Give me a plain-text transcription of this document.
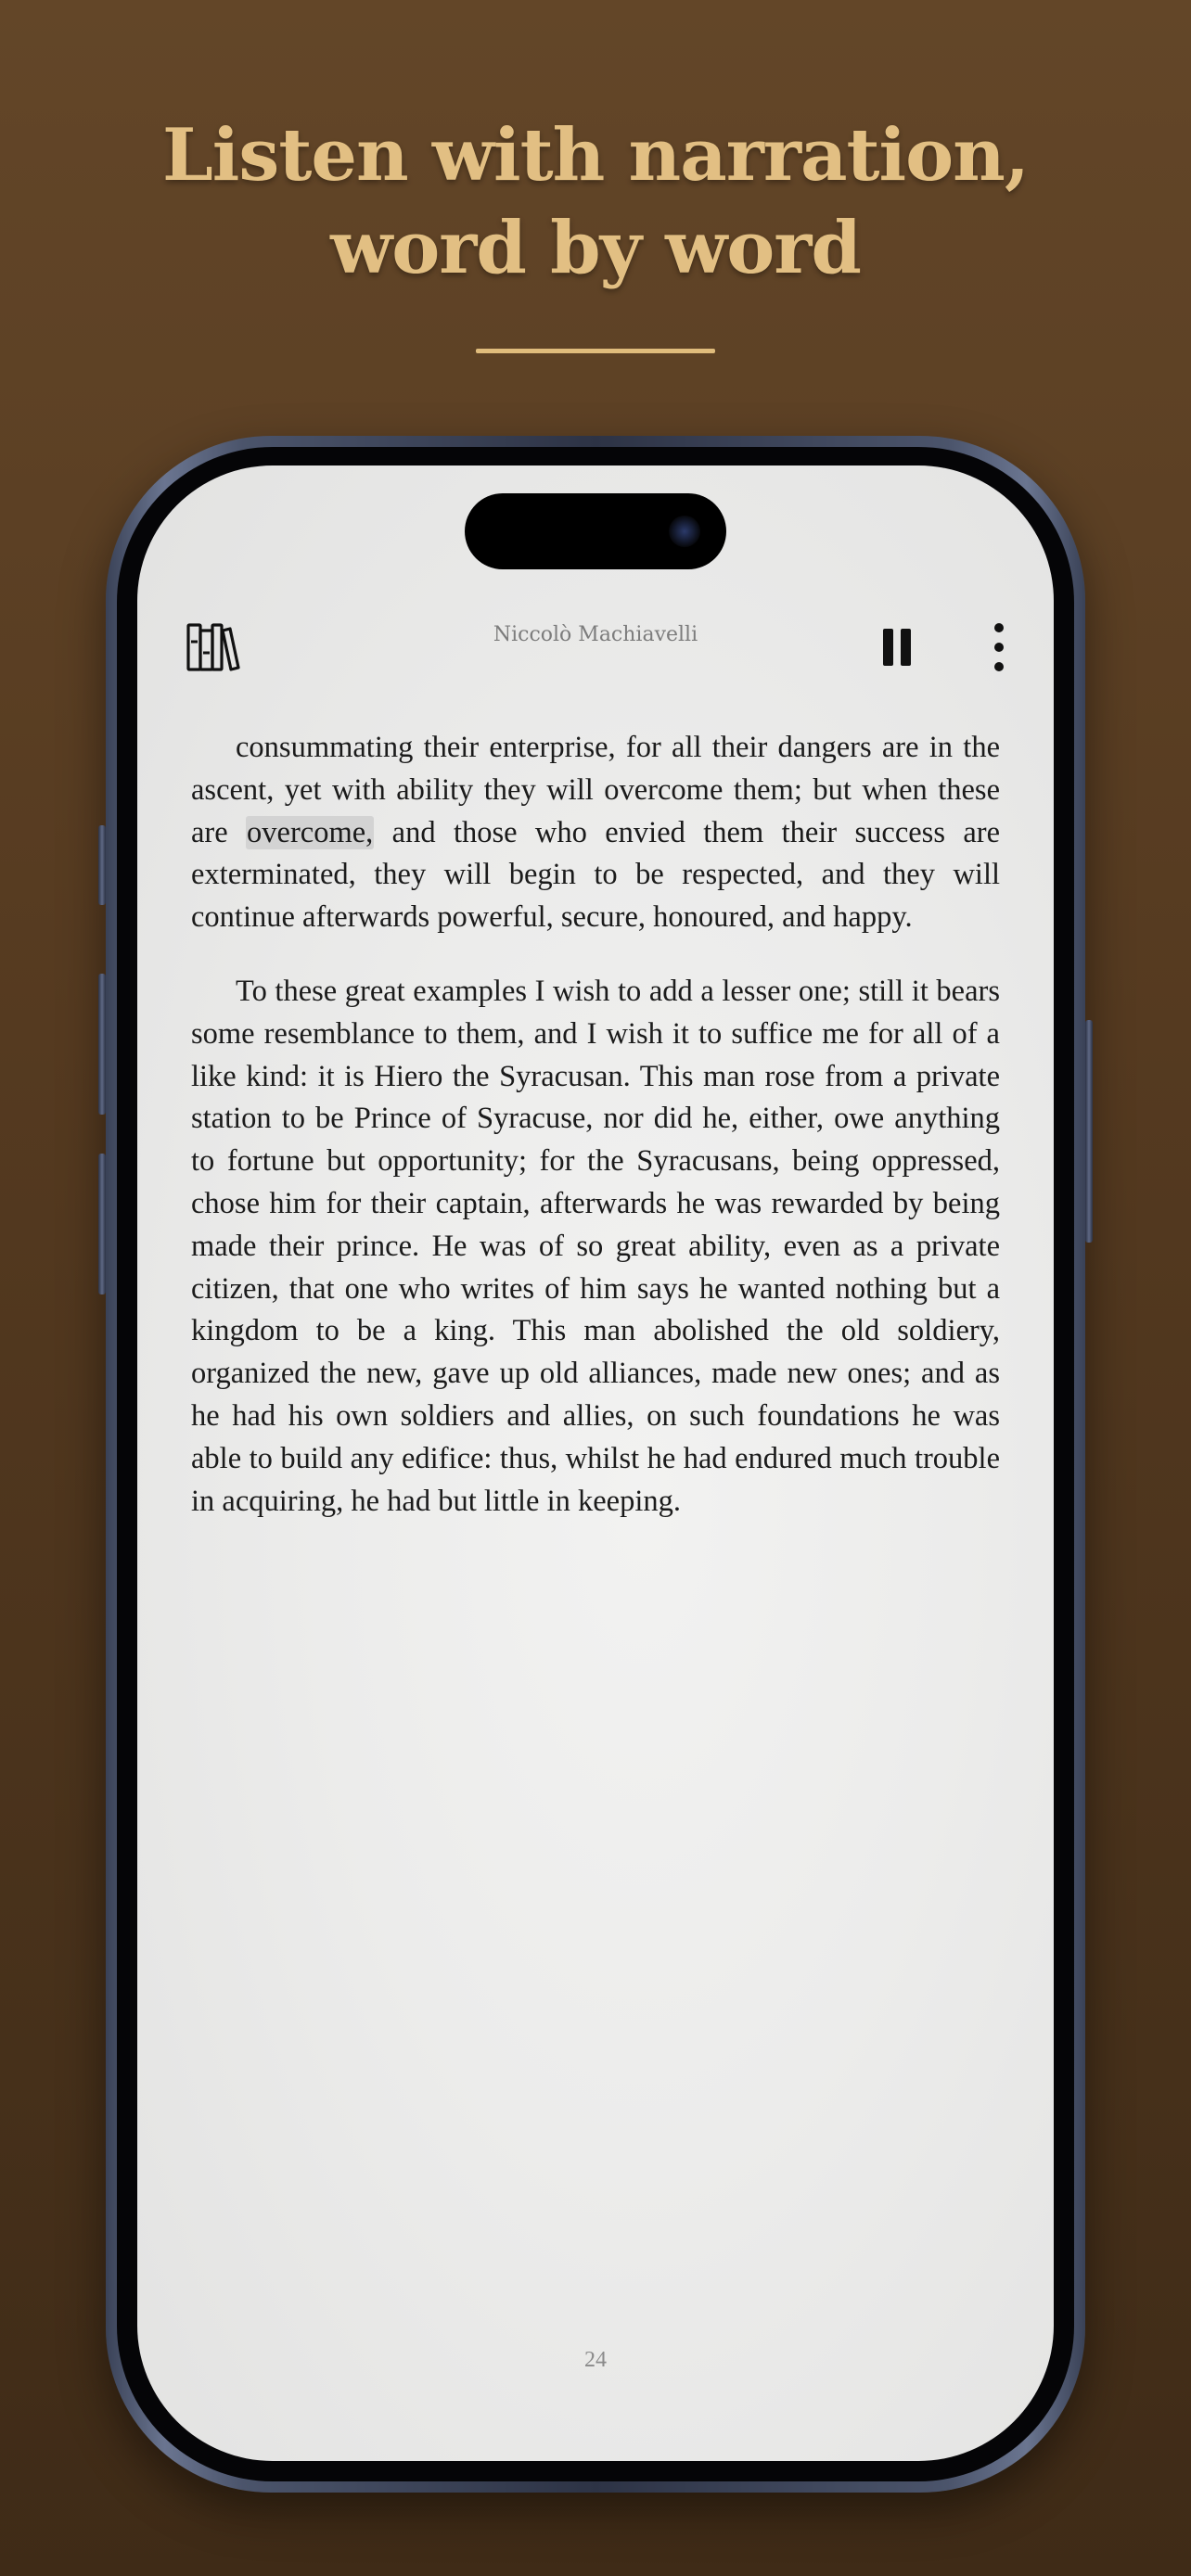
Listen with narration,
word by word
Niccolò Machiavelli

consummating their enterprise, for all their dangers are in the ascent, yet with ability they will overcome them; but when these are overcome, and those who envied them their success are exterminated, they will begin to be respected, and they will continue afterwards powerful, secure, honoured, and happy.

To these great examples I wish to add a lesser one; still it bears some resemblance to them, and I wish it to suffice me for all of a like kind: it is Hiero the Syracusan. This man rose from a private station to be Prince of Syracuse, nor did he, either, owe anything to fortune but opportunity; for the Syracusans, being oppressed, chose him for their captain, afterwards he was rewarded by being made their prince. He was of so great ability, even as a private citizen, that one who writes of him says he wanted nothing but a kingdom to be a king. This man abolished the old soldiery, organized the new, gave up old alliances, made new ones; and as he had his own soldiers and allies, on such foundations he was able to build any edifice: thus, whilst he had endured much trouble in acquiring, he had but little in keeping.

24
